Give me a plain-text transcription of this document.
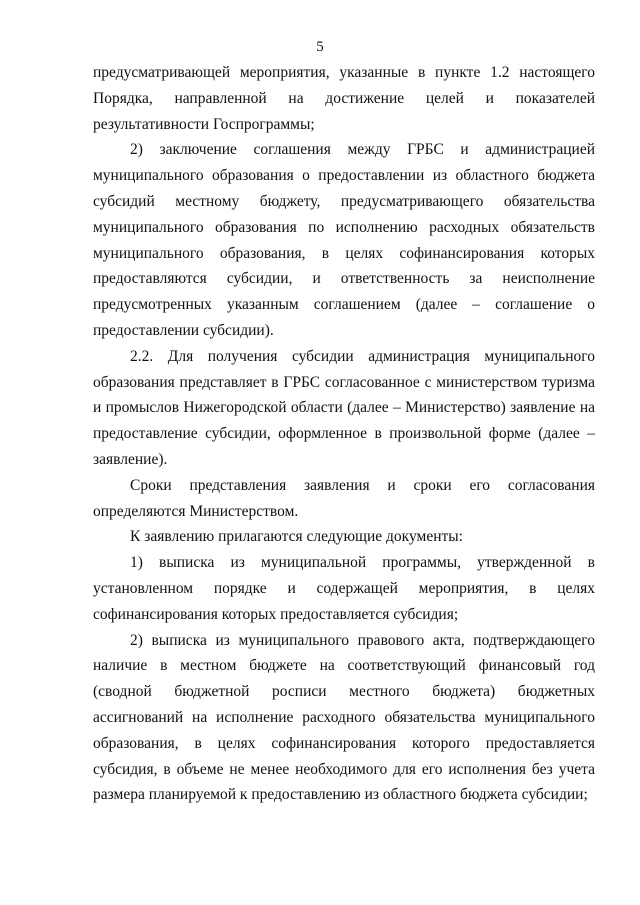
5

предусматривающей мероприятия, указанные в пункте 1.2 настоящего Порядка, направленной на достижение целей и показателей результативности Госпрограммы;

2) заключение соглашения между ГРБС и администрацией муниципального образования о предоставлении из областного бюджета субсидий местному бюджету, предусматривающего обязательства муниципального образования по исполнению расходных обязательств муниципального образования, в целях софинансирования которых предоставляются субсидии, и ответственность за неисполнение предусмотренных указанным соглашением (далее – соглашение о предоставлении субсидии).

2.2. Для получения субсидии администрация муниципального образования представляет в ГРБС согласованное с министерством туризма и промыслов Нижегородской области (далее – Министерство) заявление на предоставление субсидии, оформленное в произвольной форме (далее – заявление).

Сроки представления заявления и сроки его согласования определяются Министерством.

К заявлению прилагаются следующие документы:

1) выписка из муниципальной программы, утвержденной в установленном порядке и содержащей мероприятия, в целях софинансирования которых предоставляется субсидия;

2) выписка из муниципального правового акта, подтверждающего наличие в местном бюджете на соответствующий финансовый год (сводной бюджетной росписи местного бюджета) бюджетных ассигнований на исполнение расходного обязательства муниципального образования, в целях софинансирования которого предоставляется субсидия, в объеме не менее необходимого для его исполнения без учета размера планируемой к предоставлению из областного бюджета субсидии;
